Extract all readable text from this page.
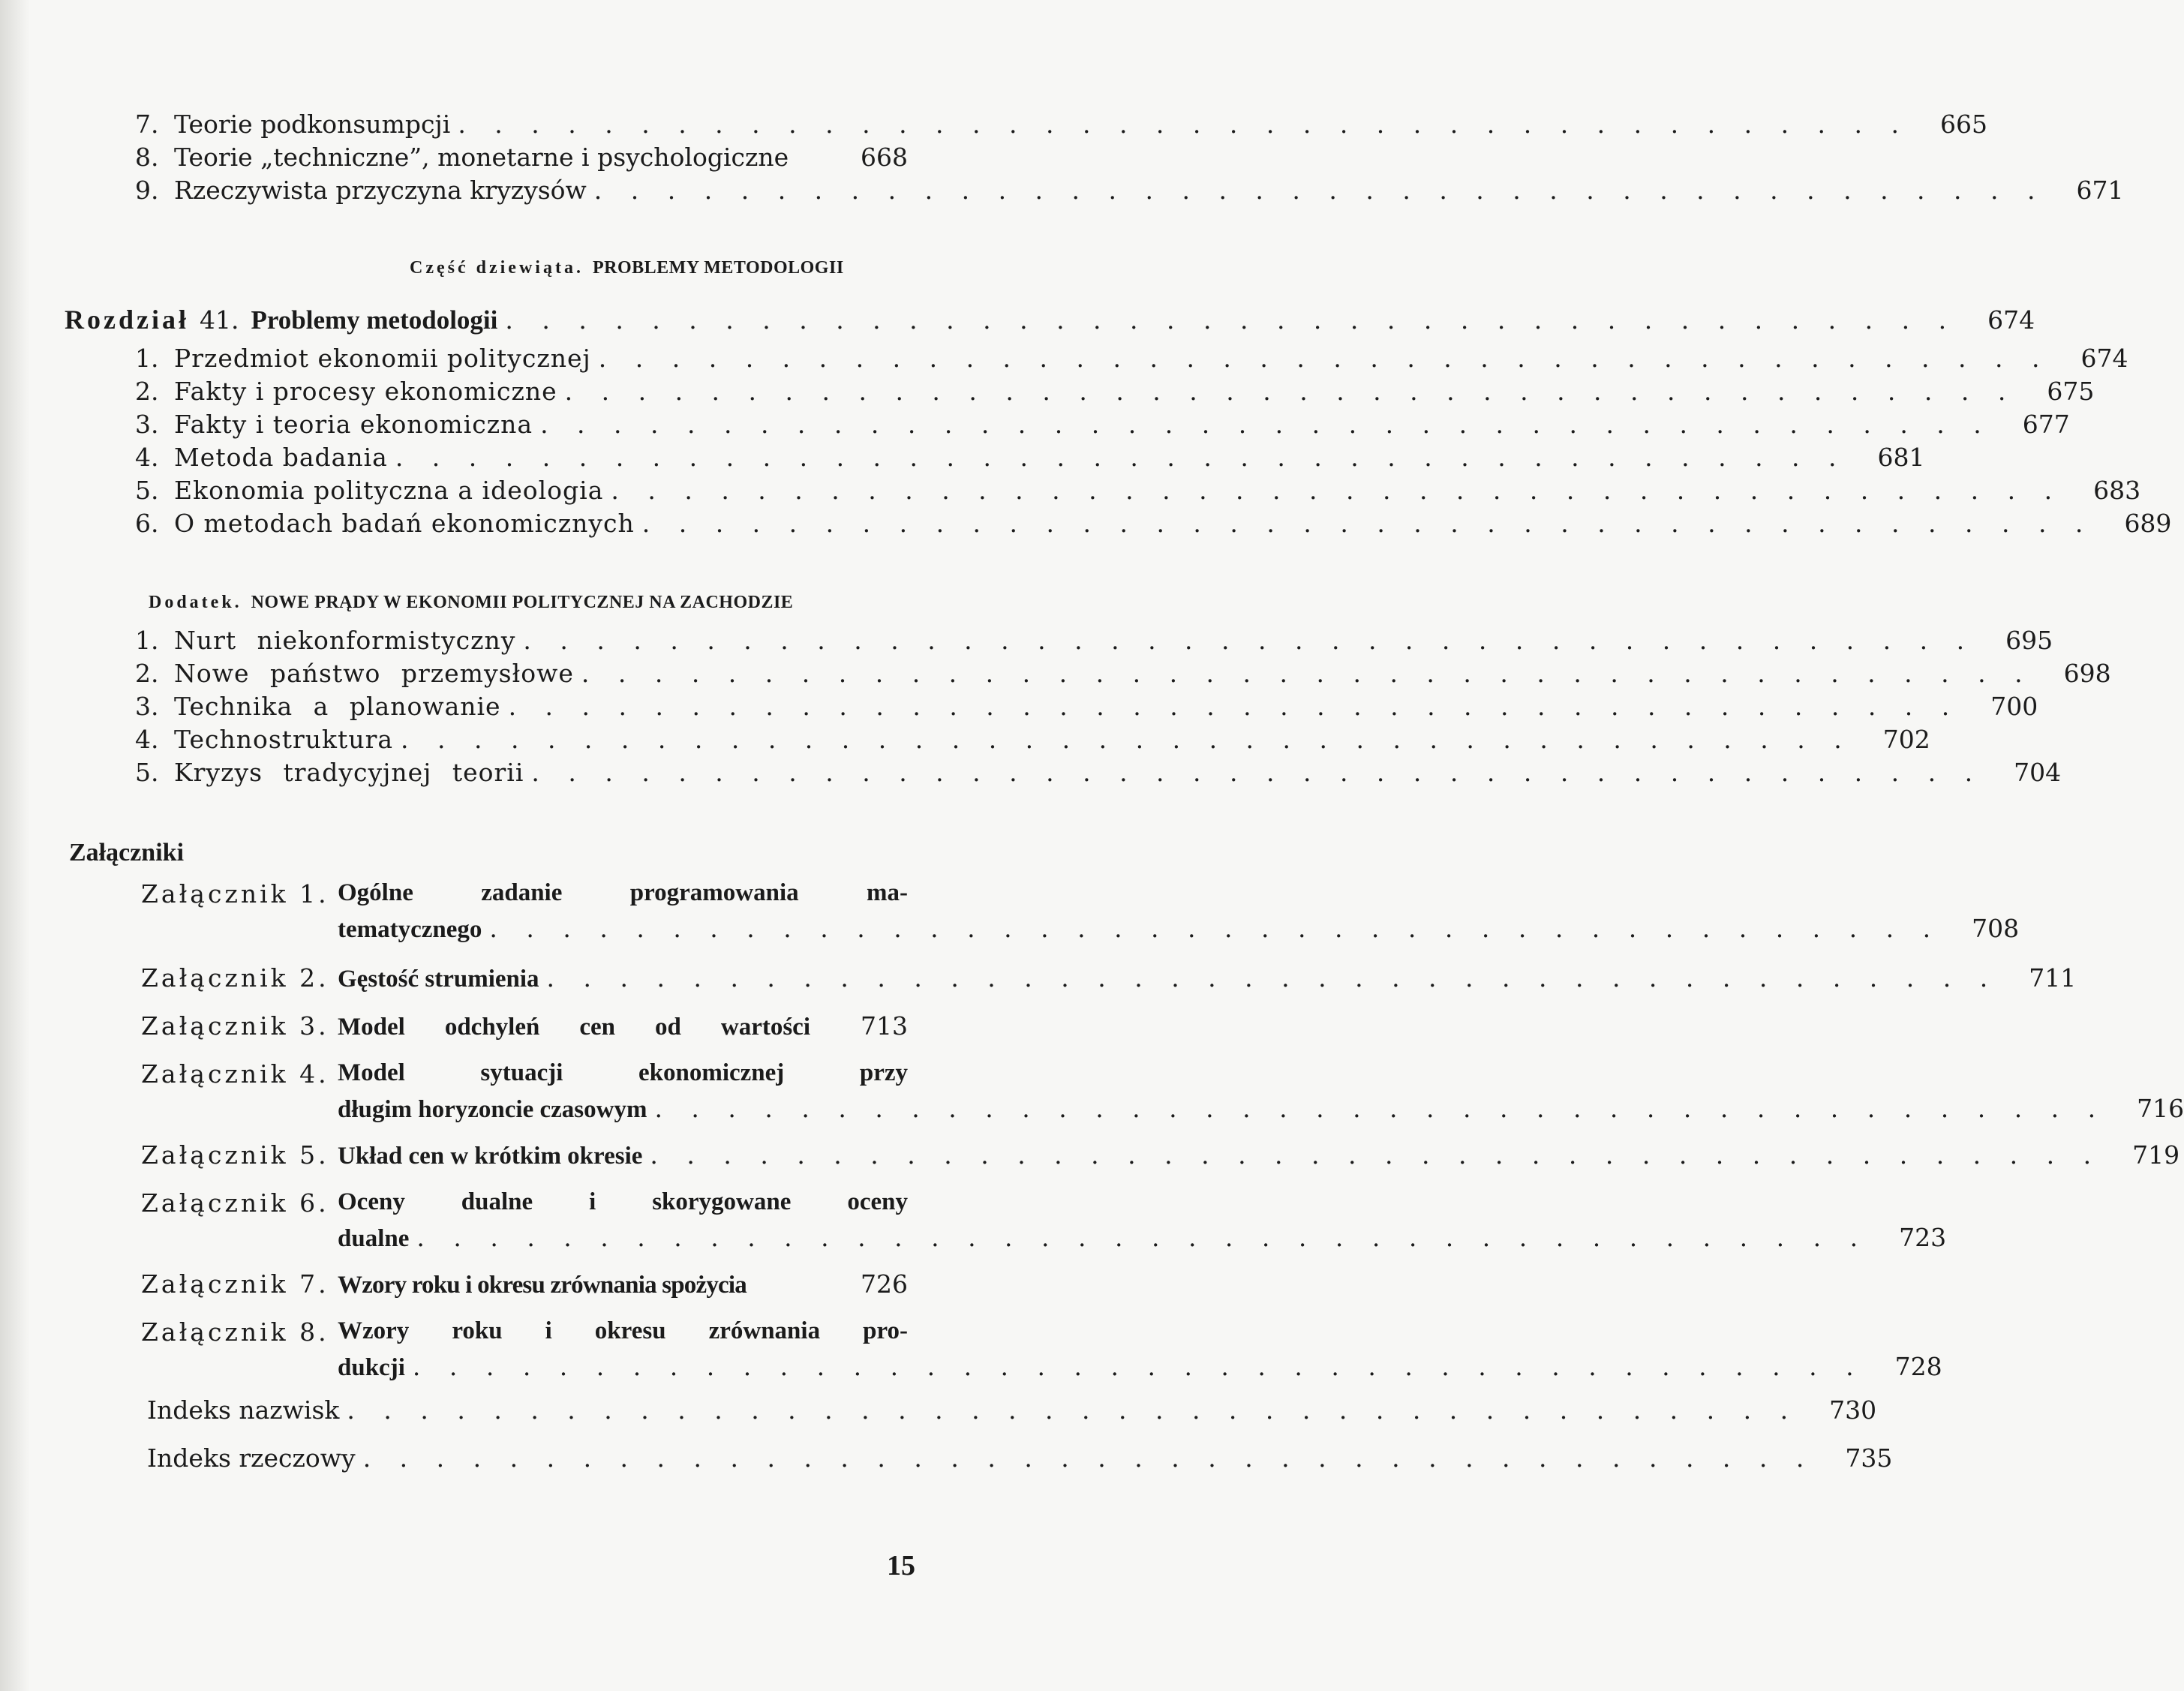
7. Teorie podkonsumpcji . . . . . . . . . . . . . . . . . . . . . . . . . . . . . . . . . . . . . . . .	665
8. Teorie „techniczne”, monetarne i psychologiczne	668
9. Rzeczywista przyczyna kryzysów . . . . . . . . . . . . . . . . . . . . . . . . . . . . . . . . . . . . . . . .	671
Część dziewiąta. PROBLEMY METODOLOGII
Rozdział 41. Problemy metodologii . . . . . . . . . . . . . . . . . . . . . . . . . . . . . . . . . . . . . . . .	674
1. Przedmiot ekonomii politycznej . . . . . . . . . . . . . . . . . . . . . . . . . . . . . . . . . . . . . . . .	674
2. Fakty i procesy ekonomiczne . . . . . . . . . . . . . . . . . . . . . . . . . . . . . . . . . . . . . . . .	675
3. Fakty i teoria ekonomiczna . . . . . . . . . . . . . . . . . . . . . . . . . . . . . . . . . . . . . . . .	677
4. Metoda badania . . . . . . . . . . . . . . . . . . . . . . . . . . . . . . . . . . . . . . . .	681
5. Ekonomia polityczna a ideologia . . . . . . . . . . . . . . . . . . . . . . . . . . . . . . . . . . . . . . . .	683
6. O metodach badań ekonomicznych . . . . . . . . . . . . . . . . . . . . . . . . . . . . . . . . . . . . . . . .	689
Dodatek. NOWE PRĄDY W EKONOMII POLITYCZNEJ NA ZACHODZIE
1. Nurt niekonformistyczny . . . . . . . . . . . . . . . . . . . . . . . . . . . . . . . . . . . . . . . .	695
2. Nowe państwo przemysłowe . . . . . . . . . . . . . . . . . . . . . . . . . . . . . . . . . . . . . . . .	698
3. Technika a planowanie . . . . . . . . . . . . . . . . . . . . . . . . . . . . . . . . . . . . . . . .	700
4. Technostruktura . . . . . . . . . . . . . . . . . . . . . . . . . . . . . . . . . . . . . . . .	702
5. Kryzys tradycyjnej teorii . . . . . . . . . . . . . . . . . . . . . . . . . . . . . . . . . . . . . . . .	704
Załączniki
Załącznik 1. Ogólne zadanie programowania ma-
tematycznego . . . . . . . . . . . . . . . . . . . . . . . . . . . . . . . . . . . . . . . .	708
Załącznik 2. Gęstość strumienia . . . . . . . . . . . . . . . . . . . . . . . . . . . . . . . . . . . . . . . .	711
Załącznik 3. Model odchyleń cen od wartości	713
Załącznik 4. Model sytuacji ekonomicznej przy
długim horyzoncie czasowym . . . . . . . . . . . . . . . . . . . . . . . . . . . . . . . . . . . . . . . .	716
Załącznik 5. Układ cen w krótkim okresie . . . . . . . . . . . . . . . . . . . . . . . . . . . . . . . . . . . . . . . .	719
Załącznik 6. Oceny dualne i skorygowane oceny
dualne . . . . . . . . . . . . . . . . . . . . . . . . . . . . . . . . . . . . . . . .	723
Załącznik 7. Wzory roku i okresu zrównania spożycia	726
Załącznik 8. Wzory roku i okresu zrównania pro-
dukcji . . . . . . . . . . . . . . . . . . . . . . . . . . . . . . . . . . . . . . . .	728
Indeks nazwisk . . . . . . . . . . . . . . . . . . . . . . . . . . . . . . . . . . . . . . . .	730
Indeks rzeczowy . . . . . . . . . . . . . . . . . . . . . . . . . . . . . . . . . . . . . . . .	735
15
